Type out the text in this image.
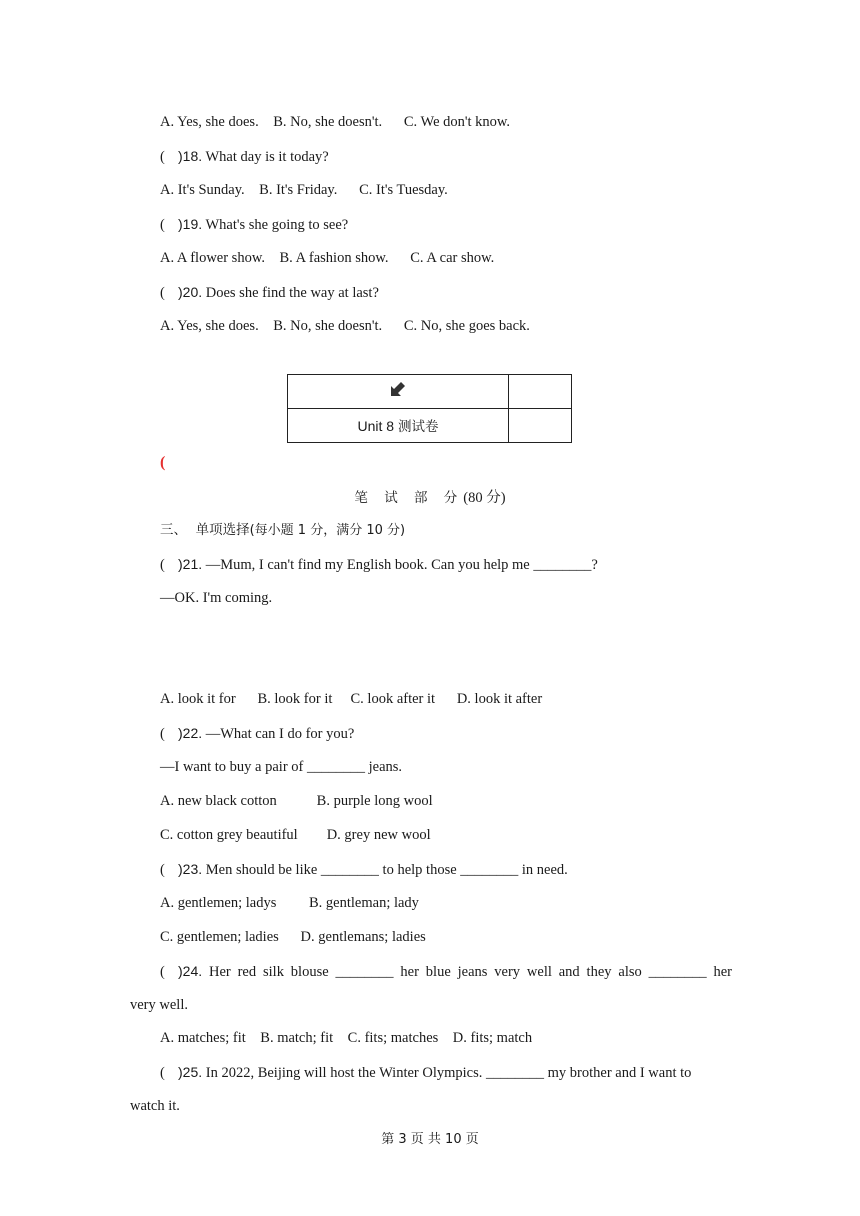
A. Yes, she does.    B. No, she doesn't.      C. We don't know.
( )18. What day is it today?
A. It's Sunday.    B. It's Friday.      C. It's Tuesday.
( )19. What's she going to see?
A. A flower show.    B. A fashion show.      C. A car show.
( )20. Does she find the way at last?
A. Yes, she does.    B. No, she doesn't.      C. No, she goes back.

Unit 8 测试卷	
(
笔 试 部 分(80 分)
三、  单项选择(每小题 1 分，满分 10 分)
( )21. —Mum, I can't find my English book. Can you help me ________?
—OK. I'm coming.
A. look it for      B. look for it     C. look after it      D. look it after
( )22. —What can I do for you?
—I want to buy a pair of ________ jeans.
A. new black cotton           B. purple long wool
C. cotton grey beautiful        D. grey new wool
( )23. Men should be like ________ to help those ________ in need.
A. gentlemen; ladys         B. gentleman; lady
C. gentlemen; ladies      D. gentlemans; ladies
( )24. Her red silk blouse ________ her blue jeans very well and they also ________ her
very well.
A. matches; fit    B. match; fit    C. fits; matches    D. fits; match
( )25. In 2022, Beijing will host the Winter Olympics. ________ my brother and I want to
watch it.
第 3 页 共 10 页
